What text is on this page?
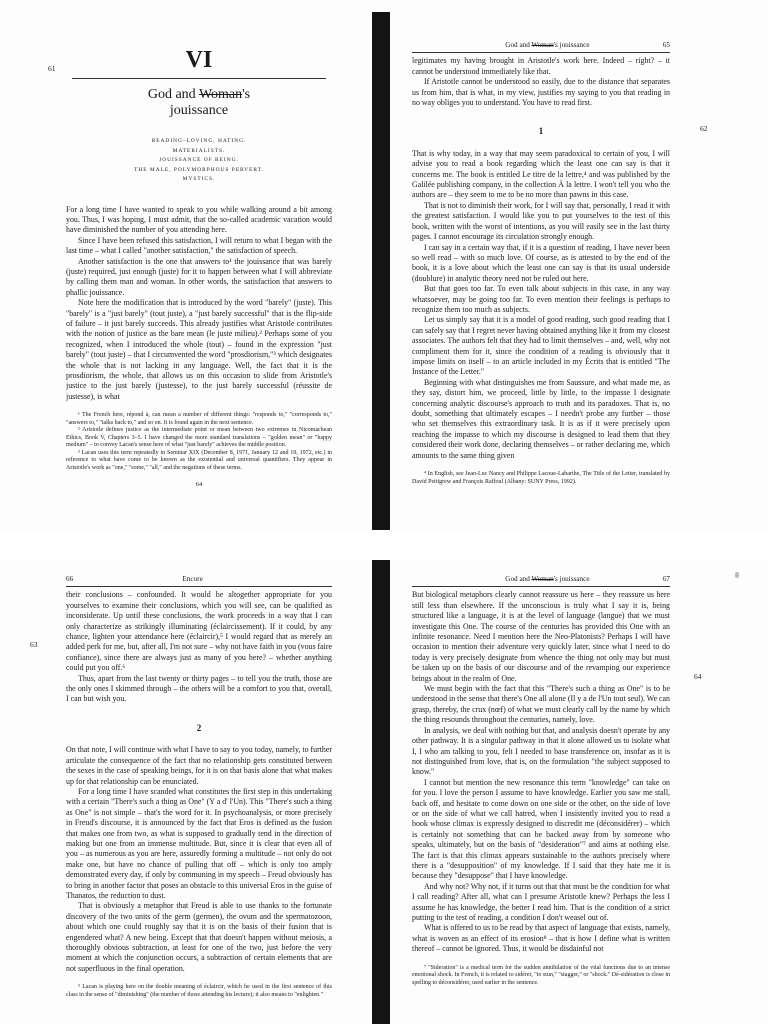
61	VI
God and Woman's
jouissance
READING–LOVING, HATING.
MATERIALISTS.
JOUISSANCE OF BEING.
THE MALE, POLYMORPHOUS PERVERT.
MYSTICS.

For a long time I have wanted to speak to you while walking around a bit among you. Thus, I was hoping, I must admit, that the so-called academic vacation would have diminished the number of you attending here.

Since I have been refused this satisfaction, I will return to what I began with the last time – what I called "another satisfaction," the satisfaction of speech.

Another satisfaction is the one that answers to¹ the jouissance that was barely (juste) required, just enough (juste) for it to happen between what I will abbreviate by calling them man and woman. In other words, the satisfaction that answers to phallic jouissance.

Note here the modification that is introduced by the word "barely" (juste). This "barely" is a "just barely" (tout juste), a "just barely successful" that is the flip-side of failure – it just barely succeeds. This already justifies what Aristotle contributes with the notion of justice as the bare mean (le juste milieu).² Perhaps some of you recognized, when I introduced the whole (tout) – found in the expression "just barely" (tout juste) – that I circumvented the word "prosdiorism,"³ which designates the whole that is not lacking in any language. Well, the fact that it is the prosdiorism, the whole, that allows us on this occasion to slide from Aristotle's justice to the just barely (justesse), to the just barely successful (réussite de justesse), is what

¹ The French here, répond à, can mean a number of different things: "responds to," "corresponds to," "answers to," "talks back to," and so on. It is found again in the next sentence.

² Aristotle defines justice as the intermediate point or mean between two extremes in Nicomachean Ethics, Book V, Chapters 3–5. I have changed the more standard translations – "golden mean" or "happy medium" – to convey Lacan's sense here of what "just barely" achieves the middle position.

³ Lacan uses this term repeatedly in Seminar XIX (December 8, 1971, January 12 and 19, 1972, etc.) in reference to what have come to be known as the existential and universal quantifiers. They appear in Aristotle's work as "one," "some," "all," and the negations of these terms.

64
62
God and Woman's jouissance	65

legitimates my having brought in Aristotle's work here. Indeed – right? – it cannot be understood immediately like that.

If Aristotle cannot be understood so easily, due to the distance that separates us from him, that is what, in my view, justifies my saying to you that reading in no way obliges you to understand. You have to read first.

1

That is why today, in a way that may seem paradoxical to certain of you, I will advise you to read a book regarding which the least one can say is that it concerns me. The book is entitled Le titre de la lettre,⁴ and was published by the Galilée publishing company, in the collection À la lettre. I won't tell you who the authors are – they seem to me to be no more than pawns in this case.

That is not to diminish their work, for I will say that, personally, I read it with the greatest satisfaction. I would like you to put yourselves to the test of this book, written with the worst of intentions, as you will easily see in the last thirty pages. I cannot encourage its circulation strongly enough.

I can say in a certain way that, if it is a question of reading, I have never been so well read – with so much love. Of course, as is attested to by the end of the book, it is a love about which the least one can say is that its usual underside (doublure) in analytic theory need not be ruled out here.

But that goes too far. To even talk about subjects in this case, in any way whatsoever, may be going too far. To even mention their feelings is perhaps to recognize them too much as subjects.

Let us simply say that it is a model of good reading, such good reading that I can safely say that I regret never having obtained anything like it from my closest associates. The authors felt that they had to limit themselves – and, well, why not compliment them for it, since the condition of a reading is obviously that it impose limits on itself – to an article included in my Écrits that is entitled "The Instance of the Letter."

Beginning with what distinguishes me from Saussure, and what made me, as they say, distort him, we proceed, little by little, to the impasse I designate concerning analytic discourse's approach to truth and its paradoxes. That is, no doubt, something that ultimately escapes – I needn't probe any further – those who set themselves this extraordinary task. It is as if it were precisely upon reaching the impasse to which my discourse is designed to lead them that they considered their work done, declaring themselves – or rather declaring me, which amounts to the same thing given

⁴ In English, see Jean-Luc Nancy and Philippe Lacoue-Labarthe, The Title of the Letter, translated by David Pettigrew and François Raffoul (Albany: SUNY Press, 1992).

63
66	Encore

their conclusions – confounded. It would be altogether appropriate for you yourselves to examine their conclusions, which you will see, can be qualified as inconsiderate. Up until these conclusions, the work proceeds in a way that I can only characterize as strikingly illuminating (éclaircissement). If it could, by any chance, lighten your attendance here (éclaircir),⁵ I would regard that as merely an added perk for me, but, after all, I'm not sure – why not have faith in you (vous faire confiance), since there are always just as many of you here? – whether anything could put you off.⁶

Thus, apart from the last twenty or thirty pages – to tell you the truth, those are the only ones I skimmed through – the others will be a comfort to you that, overall, I can but wish you.

2

On that note, I will continue with what I have to say to you today, namely, to further articulate the consequence of the fact that no relationship gets constituted between the sexes in the case of speaking beings, for it is on that basis alone that what makes up for that relationship can be enunciated.

For a long time I have scanded what constitutes the first step in this undertaking with a certain "There's such a thing as One" (Y a d' l'Un). This "There's such a thing as One" is not simple – that's the word for it. In psychoanalysis, or more precisely in Freud's discourse, it is announced by the fact that Eros is defined as the fusion that makes one from two, as what is supposed to gradually tend in the direction of making but one from an immense multitude. But, since it is clear that even all of you – as numerous as you are here, assuredly forming a multitude – not only do not make one, but have no chance of pulling that off – which is only too amply demonstrated every day, if only by communing in my speech – Freud obviously has to bring in another factor that poses an obstacle to this universal Eros in the guise of Thanatos, the reduction to dust.

That is obviously a metaphor that Freud is able to use thanks to the fortunate discovery of the two units of the germ (germen), the ovum and the spermatozoon, about which one could roughly say that it is on the basis of their fusion that is engendered what? A new being. Except that that doesn't happen without meiosis, a thoroughly obvious subtraction, at least for one of the two, just before the very moment at which the conjunction occurs, a subtraction of certain elements that are not superfluous in the final operation.

⁵ Lacan is playing here on the double meaning of éclaircir, which he used in the first sentence of this class in the sense of "diminishing" (the number of those attending his lecture); it also means to "enlighten."

64
God and Woman's jouissance	67

But biological metaphors clearly cannot reassure us here – they reassure us here still less than elsewhere. If the unconscious is truly what I say it is, being structured like a language, it is at the level of language (langue) that we must investigate this One. The course of the centuries has provided this One with an infinite resonance. Need I mention here the Neo-Platonists? Perhaps I will have occasion to mention their adventure very quickly later, since what I need to do today is very precisely designate from whence the thing not only may but must be taken up on the basis of our discourse and of the revamping our experience brings about in the realm of One.

We must begin with the fact that this "There's such a thing as One" is to be understood in the sense that there's One all alone (Il y a de l'Un tout seul). We can grasp, thereby, the crux (nœf) of what we must clearly call by the name by which the thing resounds throughout the centuries, namely, love.

In analysis, we deal with nothing but that, and analysis doesn't operate by any other pathway. It is a singular pathway in that it alone allowed us to isolate what I, I who am talking to you, felt I needed to base transference on, insofar as it is not distinguished from love, that is, on the formulation "the subject supposed to know."

I cannot but mention the new resonance this term "knowledge" can take on for you. I love the person I assume to have knowledge. Earlier you saw me stall, back off, and hesitate to come down on one side or the other, on the side of love or on the side of what we call hatred, when I insistently invited you to read a book whose climax is expressly designed to discredit me (déconsidérer) – which is certainly not something that can be backed away from by someone who speaks, ultimately, but on the basis of "desideration"⁷ and aims at nothing else. The fact is that this climax appears sustainable to the authors precisely where there is a "desupposition" of my knowledge. If I said that they hate me it is because they "desuppose" that I have knowledge.

And why not? Why not, if it turns out that that must be the condition for what I call reading? After all, what can I presume Aristotle knew? Perhaps the less I assume he has knowledge, the better I read him. That is the condition of a strict putting to the test of reading, a condition I don't weasel out of.

What is offered to us to be read by that aspect of language that exists, namely, what is woven as an effect of its erosion⁸ – that is how I define what is written thereof – cannot be ignored. Thus, it would be disdainful not

⁷ "Sideration" is a medical term for the sudden annihilation of the vital functions due to an intense emotional shock. In French, it is related to sidérer, "to stun," "stagger," or "shock." Dé-sidération is close in spelling to déconsidérer, used earlier in the sentence.
